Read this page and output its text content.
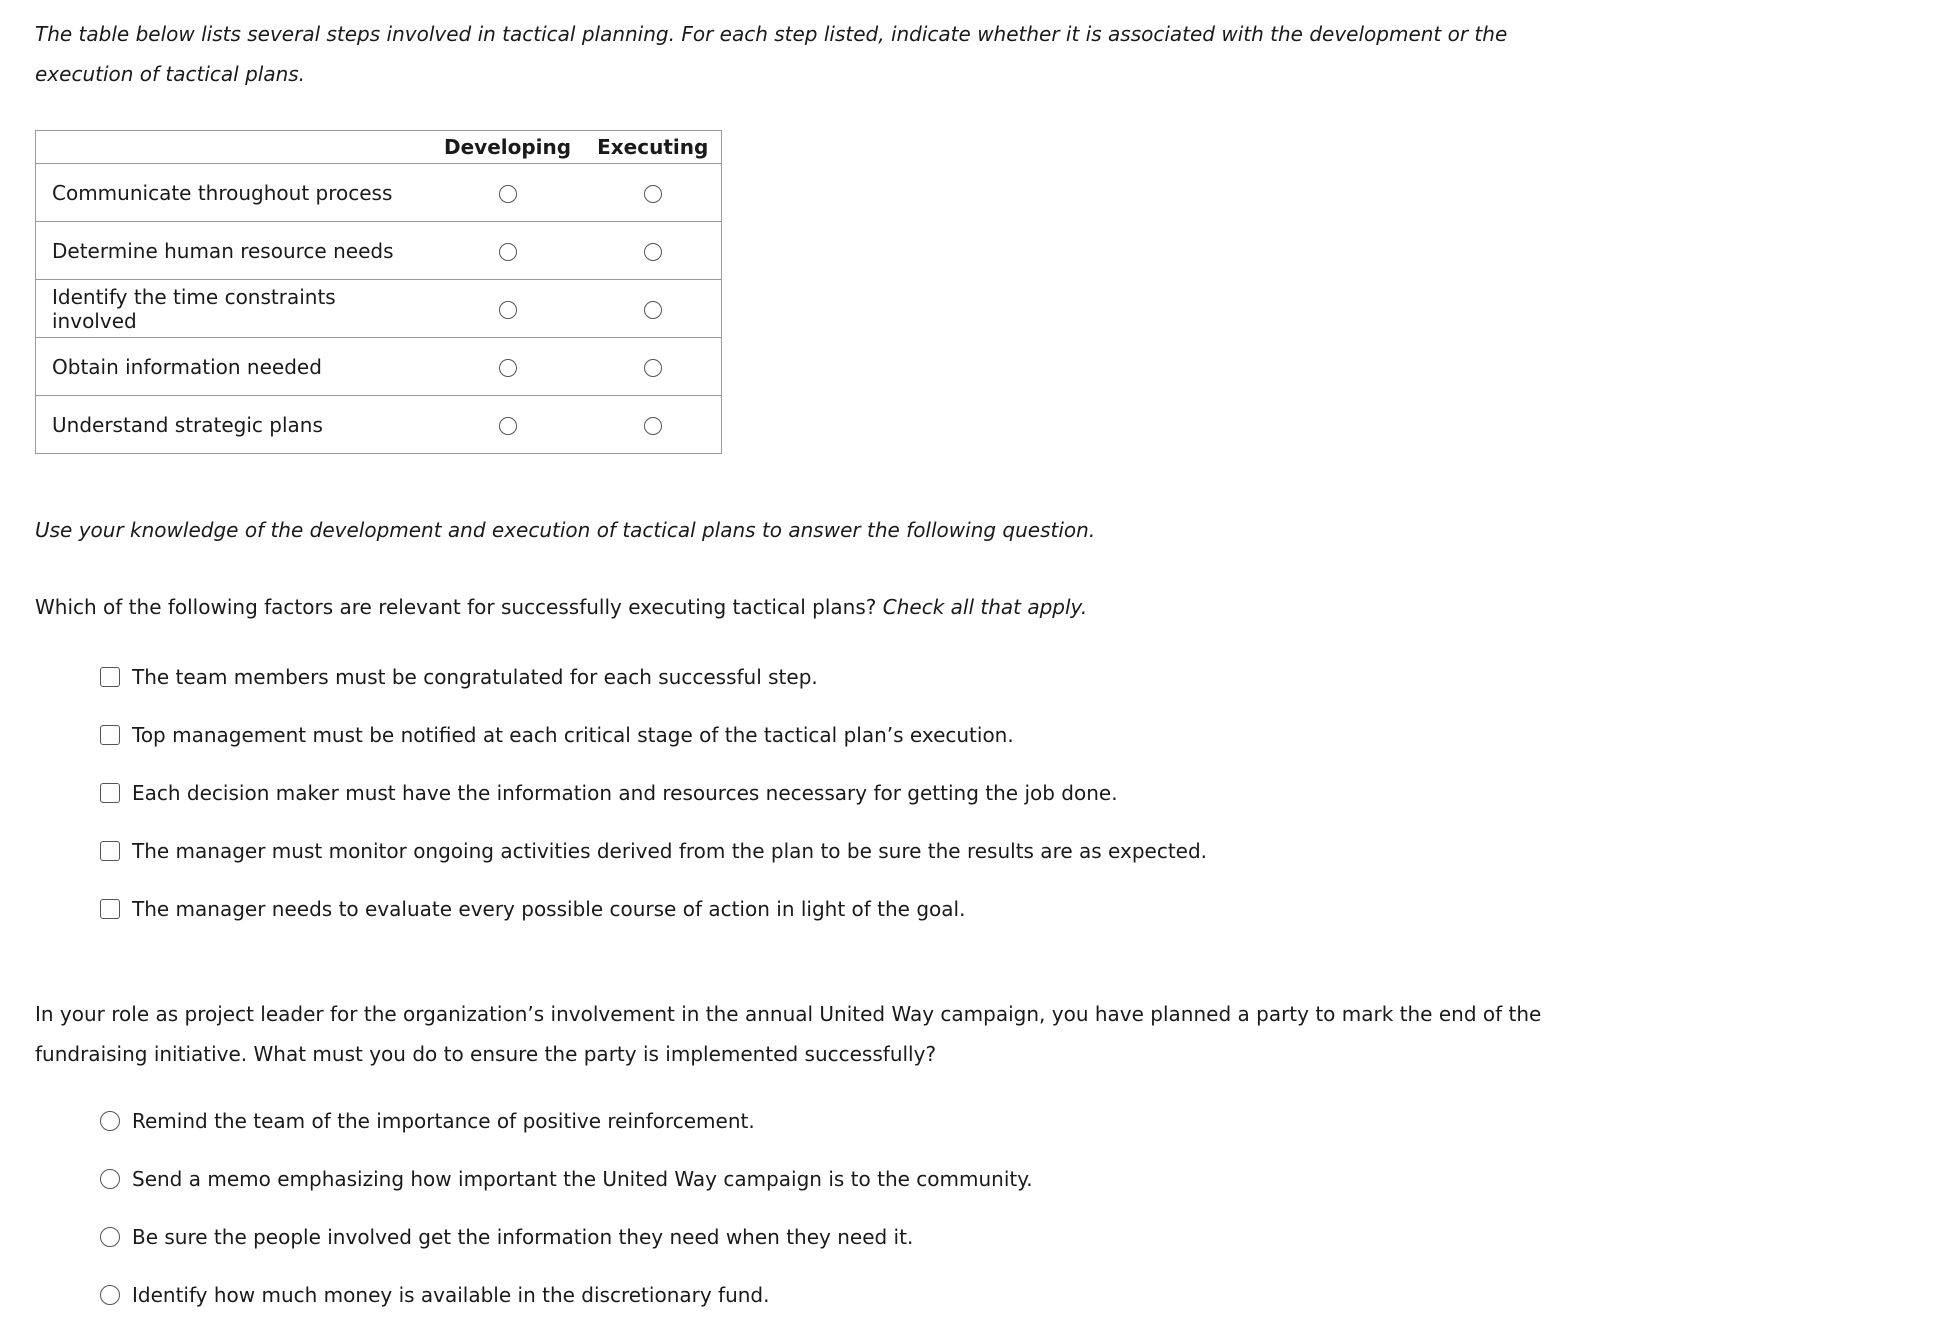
The table below lists several steps involved in tactical planning. For each step listed, indicate whether it is associated with the development or the execution of tactical plans.

	Developing	Executing
Communicate throughout process		
Determine human resource needs		
Identify the time constraints involved		
Obtain information needed		
Understand strategic plans		

Use your knowledge of the development and execution of tactical plans to answer the following question.

Which of the following factors are relevant for successfully executing tactical plans? Check all that apply.

The team members must be congratulated for each successful step.
Top management must be notified at each critical stage of the tactical plan’s execution.
Each decision maker must have the information and resources necessary for getting the job done.
The manager must monitor ongoing activities derived from the plan to be sure the results are as expected.
The manager needs to evaluate every possible course of action in light of the goal.

In your role as project leader for the organization’s involvement in the annual United Way campaign, you have planned a party to mark the end of the fundraising initiative. What must you do to ensure the party is implemented successfully?

Remind the team of the importance of positive reinforcement.
Send a memo emphasizing how important the United Way campaign is to the community.
Be sure the people involved get the information they need when they need it.
Identify how much money is available in the discretionary fund.
